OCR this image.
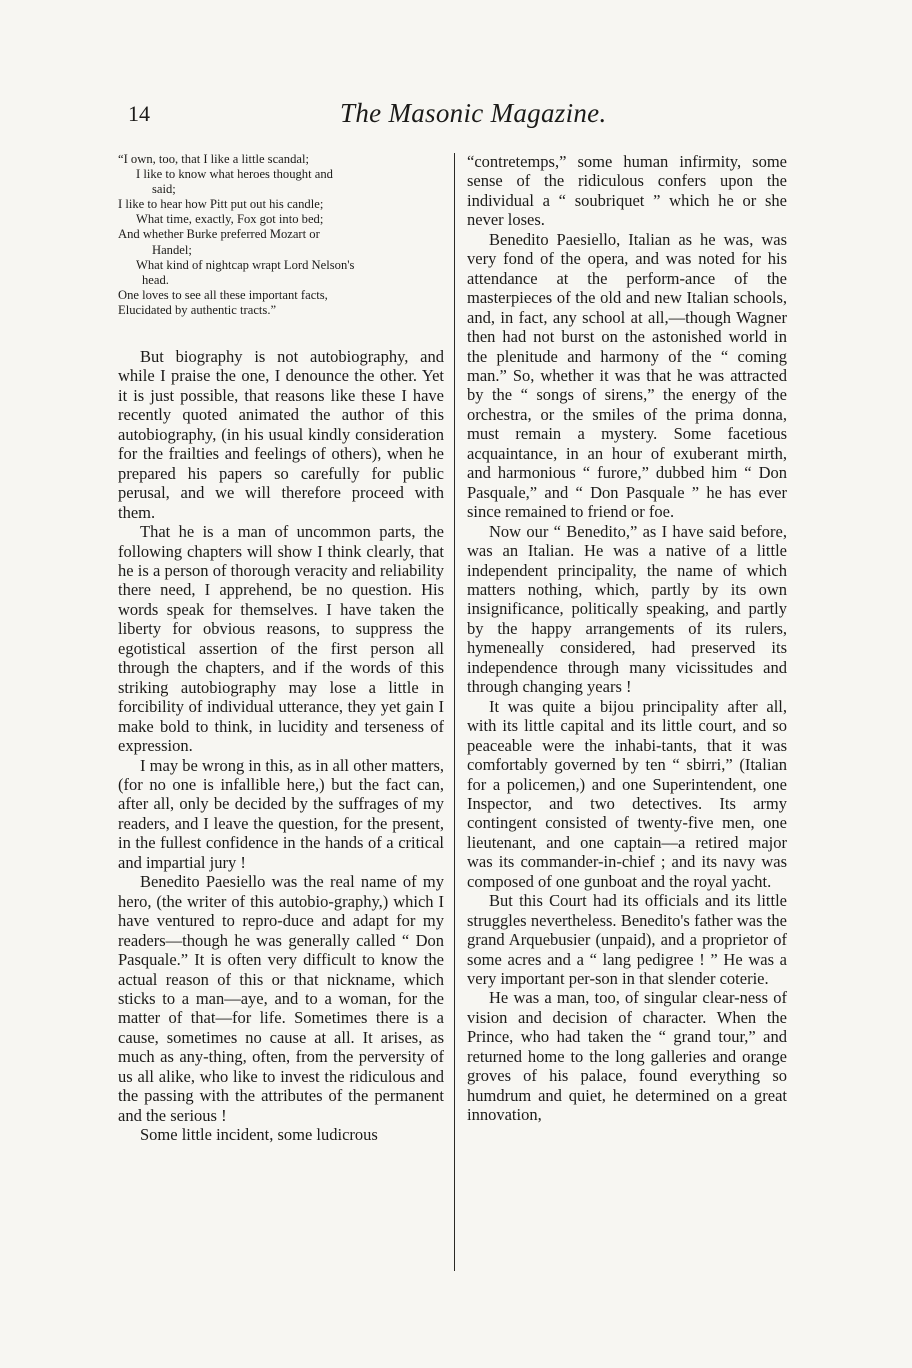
14	The Masonic Magazine.
“I own, too, that I like a little scandal;
I like to know what heroes thought and
said;
I like to hear how Pitt put out his candle;
What time, exactly, Fox got into bed;
And whether Burke preferred Mozart or
Handel;
What kind of nightcap wrapt Lord Nelson's
head.
One loves to see all these important facts,
Elucidated by authentic tracts.”

But biography is not autobiography, and while I praise the one, I denounce the other. Yet it is just possible, that reasons like these I have recently quoted animated the author of this autobiography, (in his usual kindly consideration for the frailties and feelings of others), when he prepared his papers so carefully for public perusal, and we will therefore proceed with them.

That he is a man of uncommon parts, the following chapters will show I think clearly, that he is a person of thorough veracity and reliability there need, I apprehend, be no question. His words speak for themselves. I have taken the liberty for obvious reasons, to suppress the egotistical assertion of the first person all through the chapters, and if the words of this striking autobiography may lose a little in forcibility of individual utterance, they yet gain I make bold to think, in lucidity and terseness of expression.

I may be wrong in this, as in all other matters, (for no one is infallible here,) but the fact can, after all, only be decided by the suffrages of my readers, and I leave the question, for the present, in the fullest confidence in the hands of a critical and impartial jury !

Benedito Paesiello was the real name of my hero, (the writer of this autobio-graphy,) which I have ventured to repro-duce and adapt for my readers—though he was generally called “ Don Pasquale.” It is often very difficult to know the actual reason of this or that nickname, which sticks to a man—aye, and to a woman, for the matter of that—for life. Sometimes there is a cause, sometimes no cause at all. It arises, as much as any-thing, often, from the perversity of us all alike, who like to invest the ridiculous and the passing with the attributes of the permanent and the serious !

Some little incident, some ludicrous

“contretemps,” some human infirmity, some sense of the ridiculous confers upon the individual a “ soubriquet ” which he or she never loses.

Benedito Paesiello, Italian as he was, was very fond of the opera, and was noted for his attendance at the perform-ance of the masterpieces of the old and new Italian schools, and, in fact, any school at all,—though Wagner then had not burst on the astonished world in the plenitude and harmony of the “ coming man.” So, whether it was that he was attracted by the “ songs of sirens,” the energy of the orchestra, or the smiles of the prima donna, must remain a mystery. Some facetious acquaintance, in an hour of exuberant mirth, and harmonious “ furore,” dubbed him “ Don Pasquale,” and “ Don Pasquale ” he has ever since remained to friend or foe.

Now our “ Benedito,” as I have said before, was an Italian. He was a native of a little independent principality, the name of which matters nothing, which, partly by its own insignificance, politically speaking, and partly by the happy arrangements of its rulers, hymeneally considered, had preserved its independence through many vicissitudes and through changing years !

It was quite a bijou principality after all, with its little capital and its little court, and so peaceable were the inhabi-tants, that it was comfortably governed by ten “ sbirri,” (Italian for a policemen,) and one Superintendent, one Inspector, and two detectives. Its army contingent consisted of twenty-five men, one lieutenant, and one captain—a retired major was its commander-in-chief ; and its navy was composed of one gunboat and the royal yacht.

But this Court had its officials and its little struggles nevertheless. Benedito's father was the grand Arquebusier (unpaid), and a proprietor of some acres and a “ lang pedigree ! ” He was a very important per-son in that slender coterie.

He was a man, too, of singular clear-ness of vision and decision of character. When the Prince, who had taken the “ grand tour,” and returned home to the long galleries and orange groves of his palace, found everything so humdrum and quiet, he determined on a great innovation,
